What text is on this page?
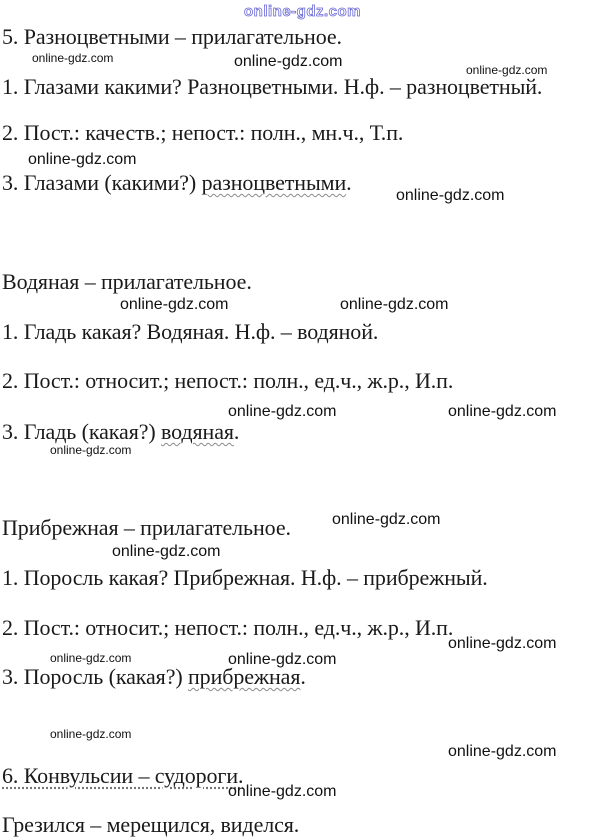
online-gdz.com
5. Разноцветными – прилагательное.
1. Глазами какими? Разноцветными. Н.ф. – разноцветный.
2. Пост.: качеств.; непост.: полн., мн.ч., Т.п.
3. Глазами (какими?) разноцветными.
Водяная – прилагательное.
1. Гладь какая? Водяная. Н.ф. – водяной.
2. Пост.: относит.; непост.: полн., ед.ч., ж.р., И.п.
3. Гладь (какая?) водяная.
Прибрежная – прилагательное.
1. Поросль какая? Прибрежная. Н.ф. – прибрежный.
2. Пост.: относит.; непост.: полн., ед.ч., ж.р., И.п.
3. Поросль (какая?) прибрежная.
6. Конвульсии – судороги.
Грезился – мерещился, виделся.
online-gdz.com
online-gdz.com
online-gdz.com
online-gdz.com
online-gdz.com
online-gdz.com
online-gdz.com
online-gdz.com
online-gdz.com	online-gdz.com
online-gdz.com	online-gdz.com
online-gdz.com
online-gdz.com
online-gdz.com
online-gdz.com
online-gdz.com
online-gdz.com
